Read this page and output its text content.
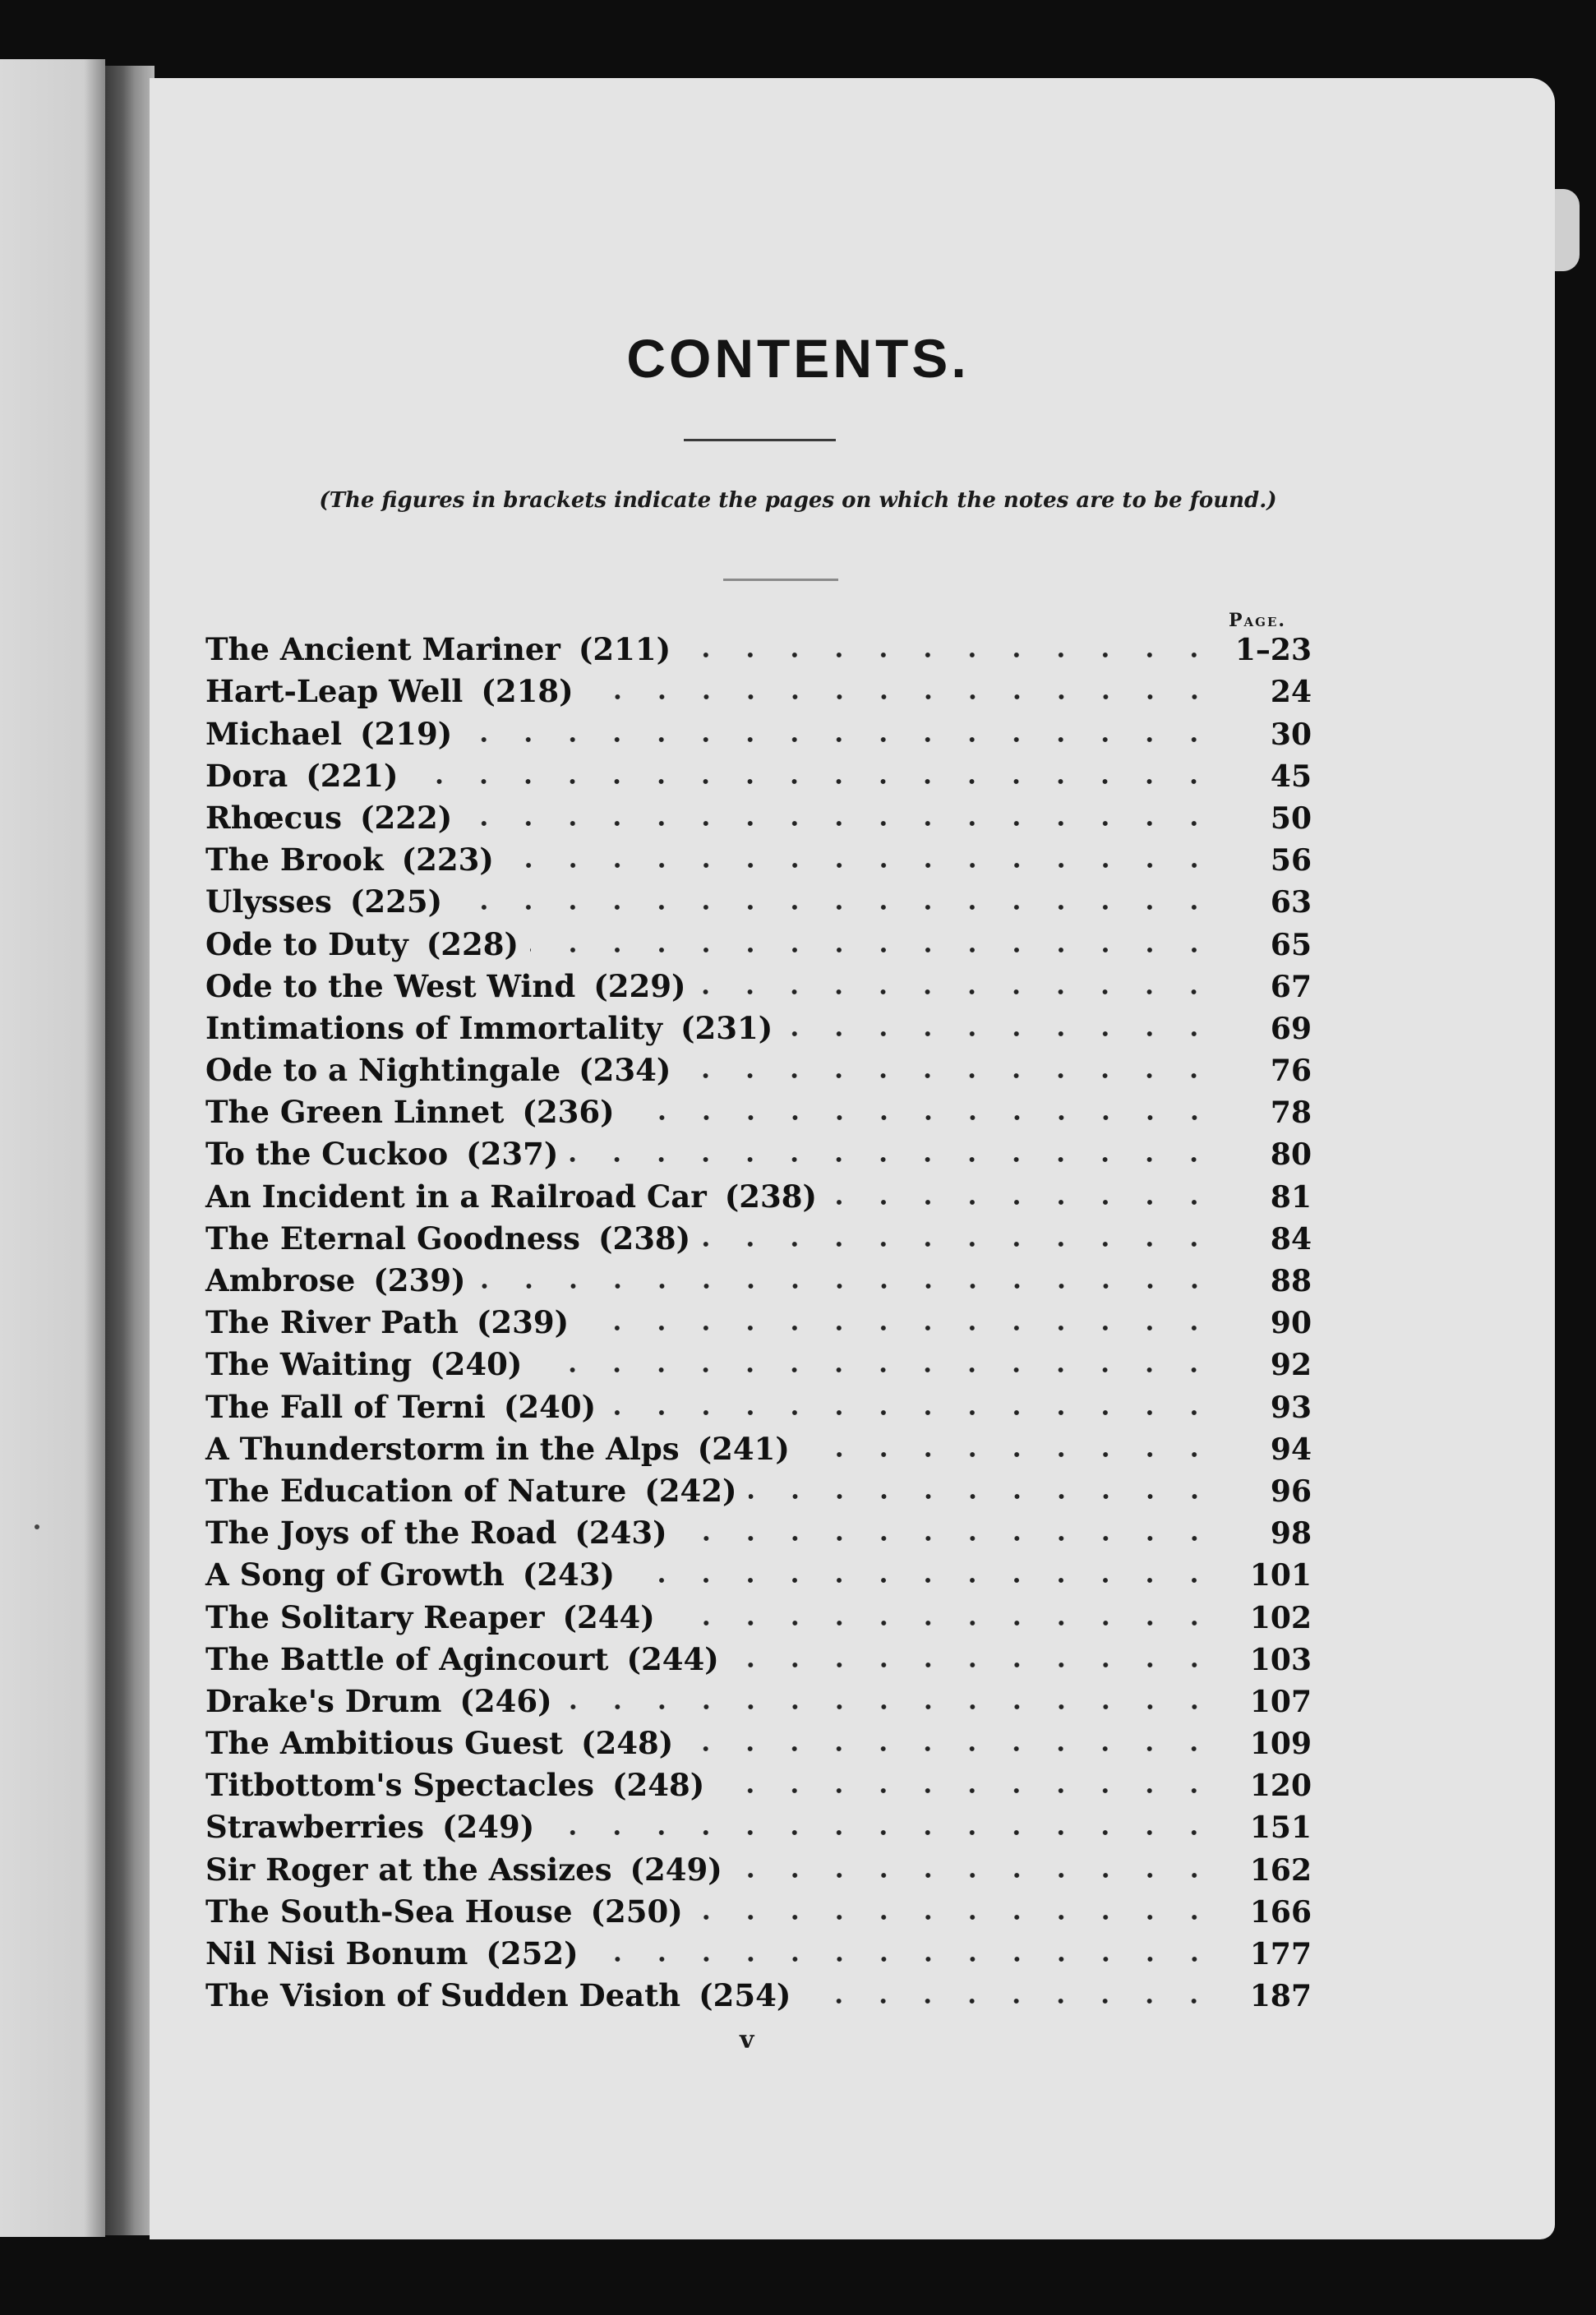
CONTENTS.
(The figures in brackets indicate the pages on which the notes are to be found.)
Page.
The Ancient Mariner (211)	1–23
Hart-Leap Well (218)	24
Michael (219)	30
Dora (221)	45
Rhœcus (222)	50
The Brook (223)	56
Ulysses (225)	63
Ode to Duty (228)	65
Ode to the West Wind (229)	67
Intimations of Immortality (231)	69
Ode to a Nightingale (234)	76
The Green Linnet (236)	78
To the Cuckoo (237)	80
An Incident in a Railroad Car (238)	81
The Eternal Goodness (238)	84
Ambrose (239)	88
The River Path (239)	90
The Waiting (240)	92
The Fall of Terni (240)	93
A Thunderstorm in the Alps (241)	94
The Education of Nature (242)	96
The Joys of the Road (243)	98
A Song of Growth (243)	101
The Solitary Reaper (244)	102
The Battle of Agincourt (244)	103
Drake's Drum (246)	107
The Ambitious Guest (248)	109
Titbottom's Spectacles (248)	120
Strawberries (249)	151
Sir Roger at the Assizes (249)	162
The South-Sea House (250)	166
Nil Nisi Bonum (252)	177
The Vision of Sudden Death (254)	187
v
